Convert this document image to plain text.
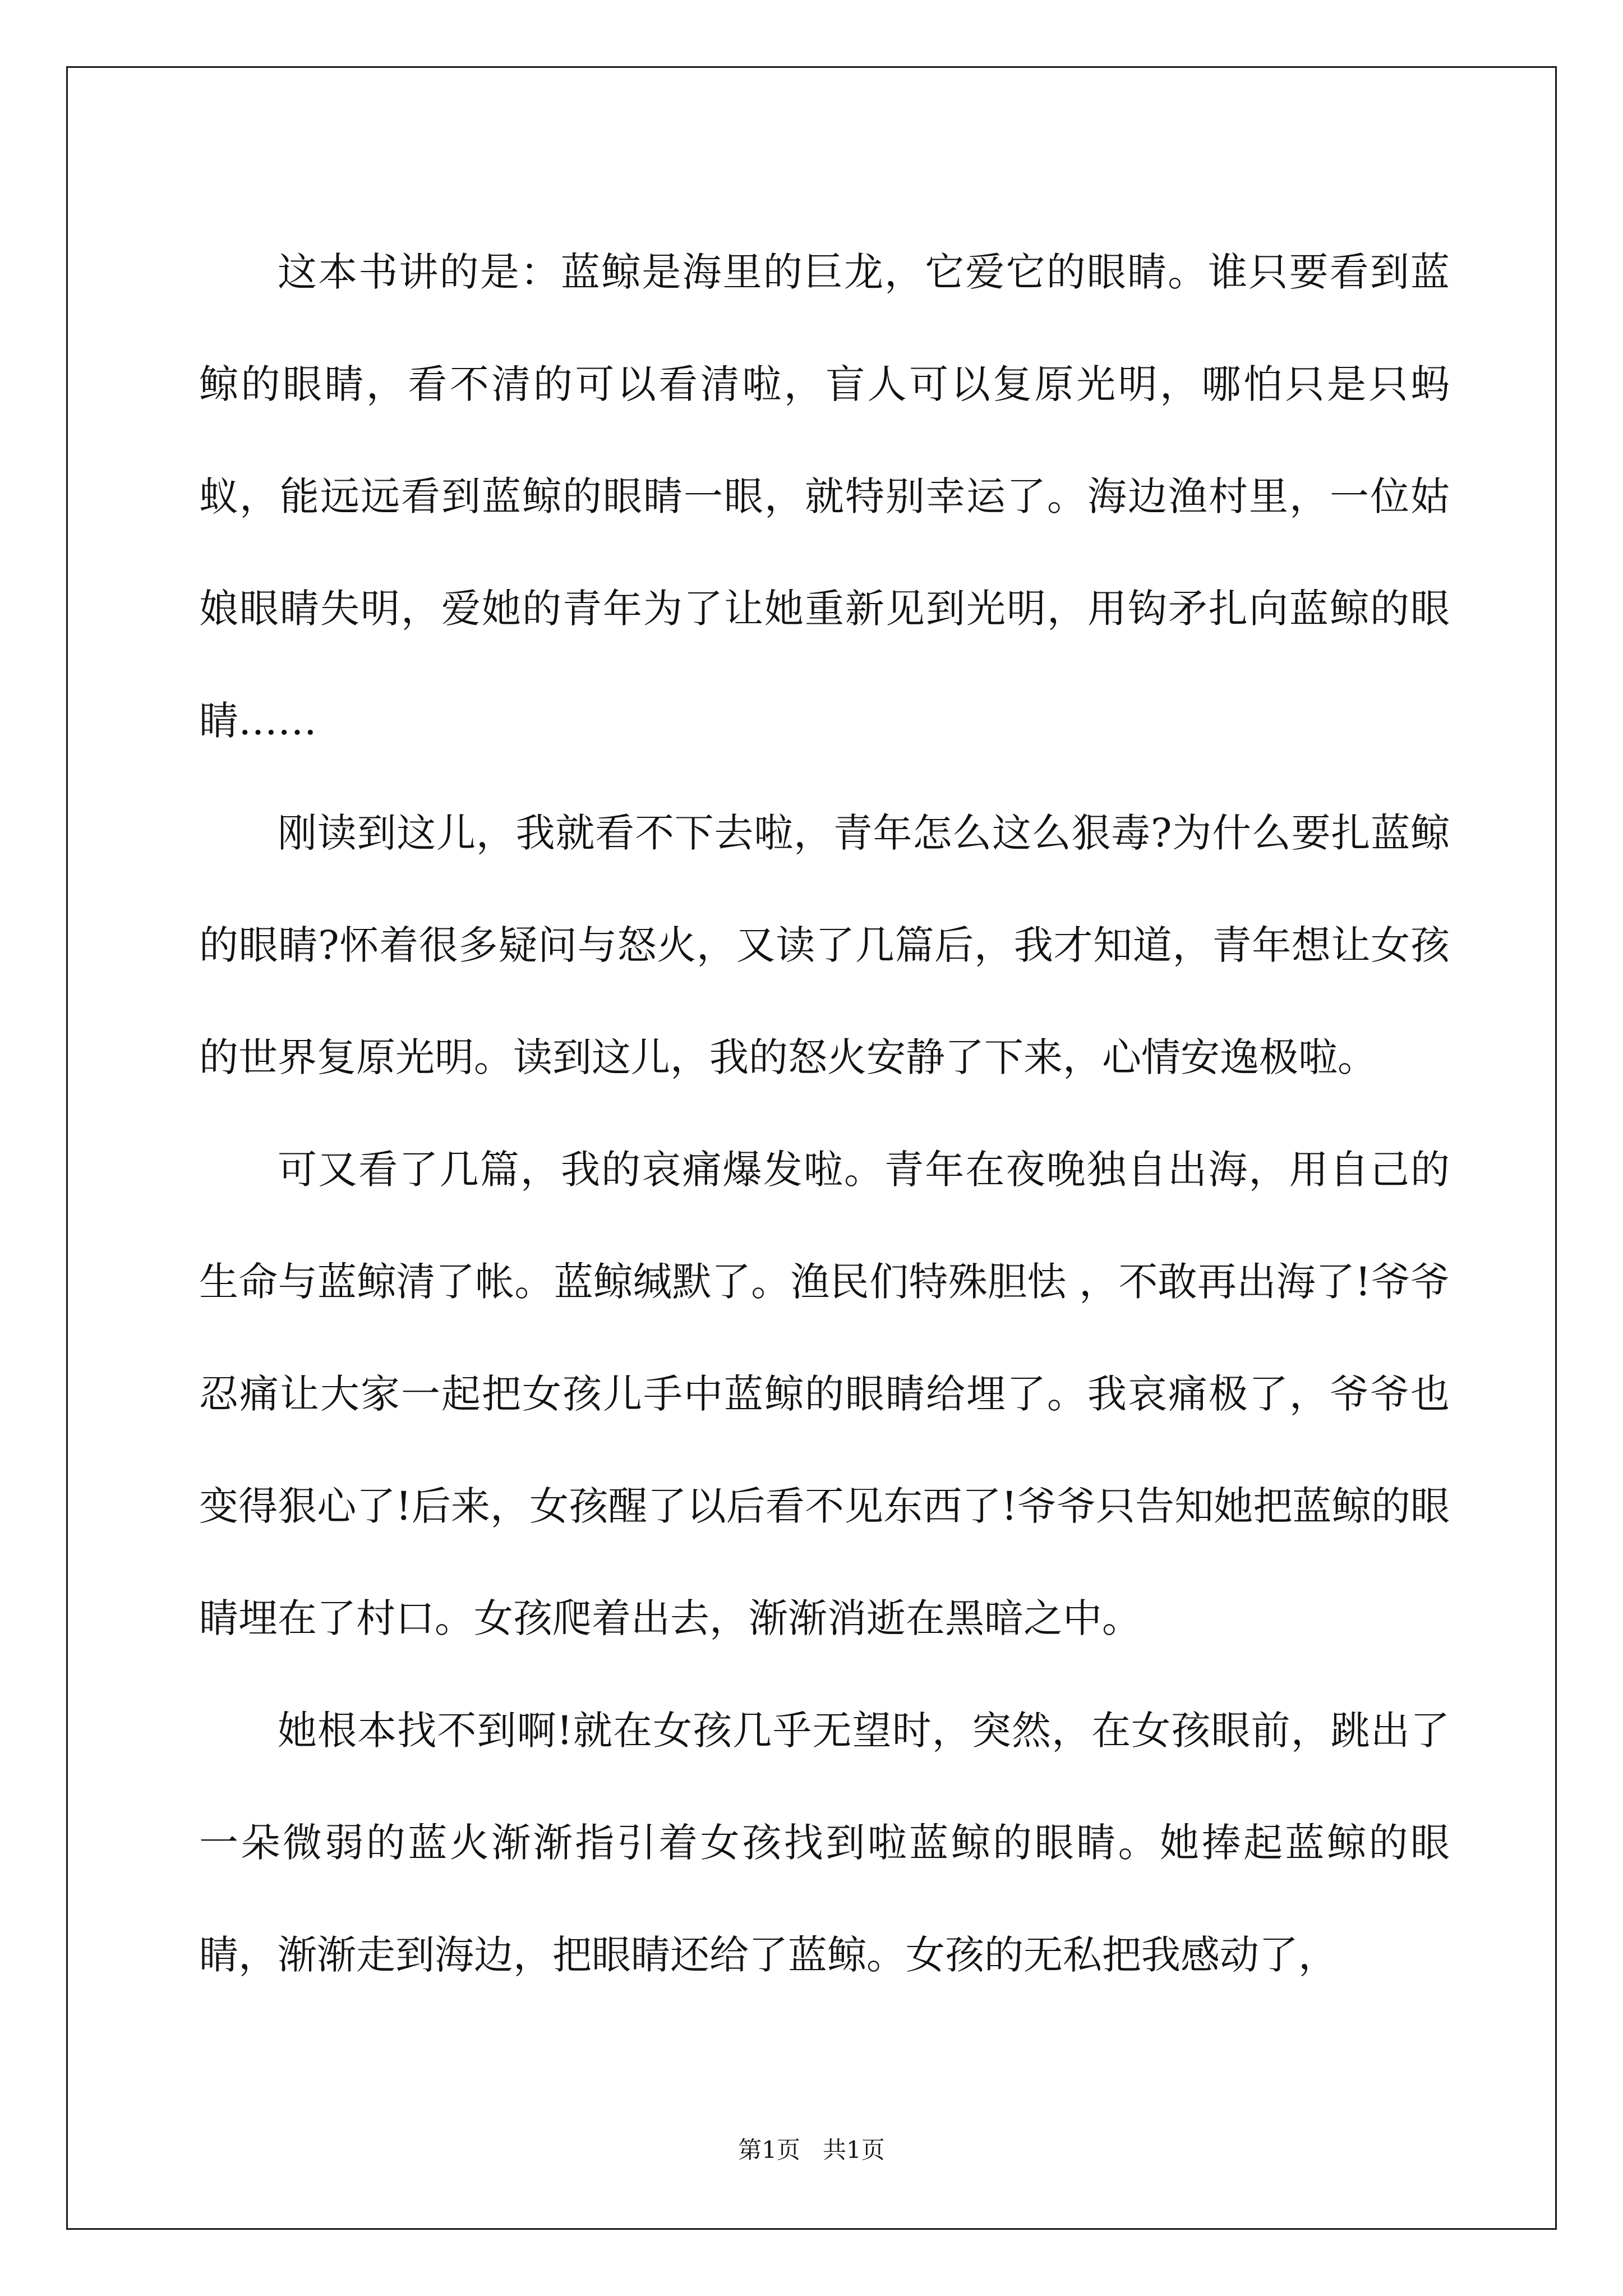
这本书讲的是：蓝鲸是海里的巨龙，它爱它的眼睛。谁只要看到蓝鲸的眼睛，看不清的可以看清啦，盲人可以复原光明，哪怕只是只蚂蚁，能远远看到蓝鲸的眼睛一眼，就特别幸运了。海边渔村里，一位姑娘眼睛失明，爱她的青年为了让她重新见到光明，用钩矛扎向蓝鲸的眼睛……

刚读到这儿，我就看不下去啦，青年怎么这么狠毒?为什么要扎蓝鲸的眼睛?怀着很多疑问与怒火，又读了几篇后，我才知道，青年想让女孩的世界复原光明。读到这儿，我的怒火安静了下来，心情安逸极啦。

可又看了几篇，我的哀痛爆发啦。青年在夜晚独自出海，用自己的生命与蓝鲸清了帐。蓝鲸缄默了。渔民们特殊胆怯 ，不敢再出海了!爷爷忍痛让大家一起把女孩儿手中蓝鲸的眼睛给埋了。我哀痛极了，爷爷也变得狠心了!后来，女孩醒了以后看不见东西了!爷爷只告知她把蓝鲸的眼睛埋在了村口。女孩爬着出去，渐渐消逝在黑暗之中。

她根本找不到啊!就在女孩几乎无望时，突然，在女孩眼前，跳出了一朵微弱的蓝火渐渐指引着女孩找到啦蓝鲸的眼睛。她捧起蓝鲸的眼睛，渐渐走到海边，把眼睛还给了蓝鲸。女孩的无私把我感动了，

第1页   共1页
